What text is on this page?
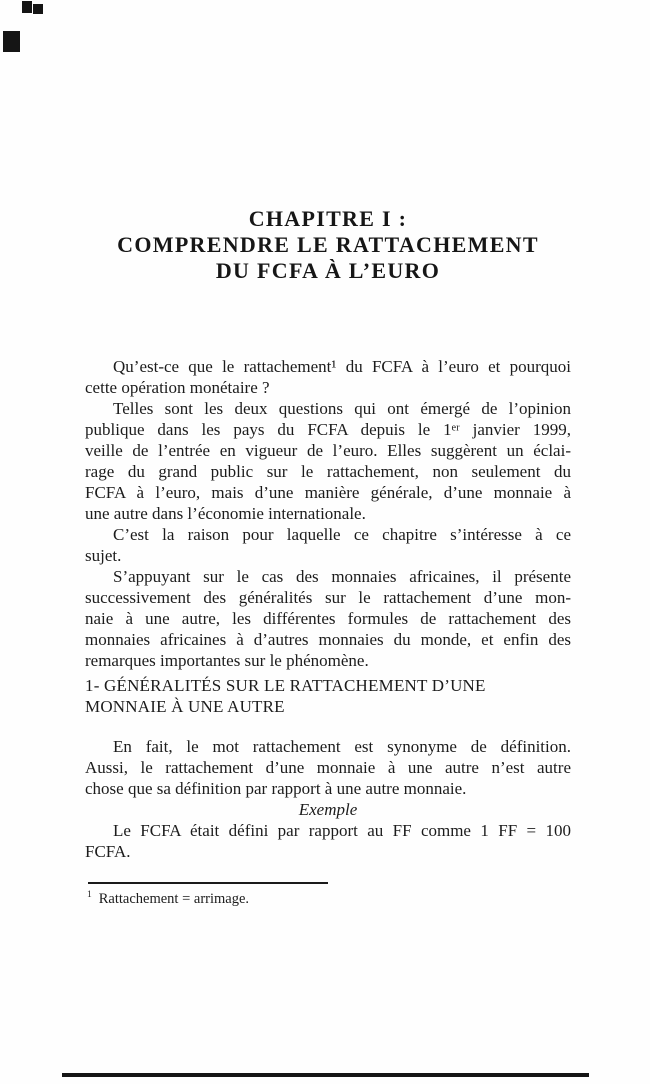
CHAPITRE I :
COMPRENDRE LE RATTACHEMENT
DU FCFA À L’EURO
Qu’est-ce que le rattachement¹ du FCFA à l’euro et pourquoi
cette opération monétaire ?
Telles sont les deux questions qui ont émergé de l’opinion
publique dans les pays du FCFA depuis le 1ᵉʳ janvier 1999,
veille de l’entrée en vigueur de l’euro. Elles suggèrent un éclai-
rage du grand public sur le rattachement, non seulement du
FCFA à l’euro, mais d’une manière générale, d’une monnaie à
une autre dans l’économie internationale.
C’est la raison pour laquelle ce chapitre s’intéresse à ce
sujet.
S’appuyant sur le cas des monnaies africaines, il présente
successivement des généralités sur le rattachement d’une mon-
naie à une autre, les différentes formules de rattachement des
monnaies africaines à d’autres monnaies du monde, et enfin des
remarques importantes sur le phénomène.
1- GÉNÉRALITÉS SUR LE RATTACHEMENT D’UNE
MONNAIE À UNE AUTRE
En fait, le mot rattachement est synonyme de définition.
Aussi, le rattachement d’une monnaie à une autre n’est autre
chose que sa définition par rapport à une autre monnaie.
Exemple
Le FCFA était défini par rapport au FF comme 1 FF = 100
FCFA.
$^1$ Rattachement = arrimage.
